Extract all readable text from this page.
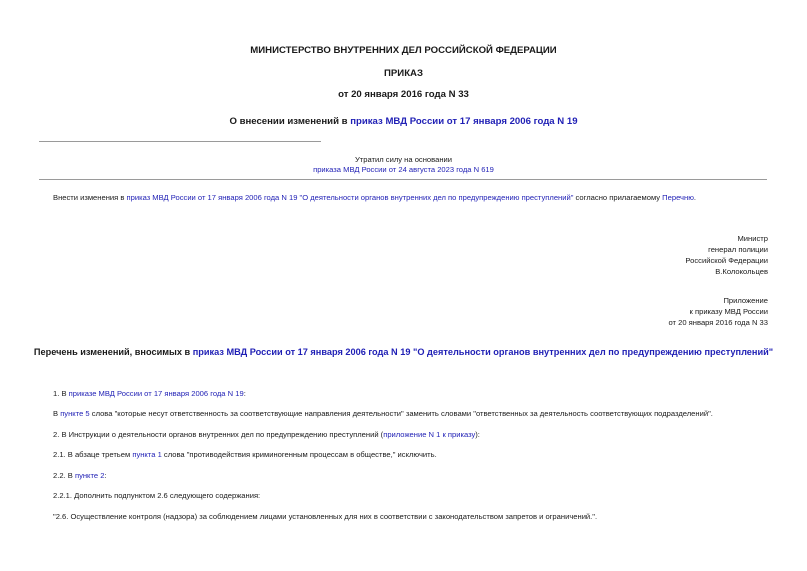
МИНИСТЕРСТВО ВНУТРЕННИХ ДЕЛ РОССИЙСКОЙ ФЕДЕРАЦИИ
ПРИКАЗ
от 20 января 2016 года N 33
О внесении изменений в приказ МВД России от 17 января 2006 года N 19
Утратил силу на основании
приказа МВД России от 24 августа 2023 года N 619
Внести изменения в приказ МВД России от 17 января 2006 года N 19 "О деятельности органов внутренних дел по предупреждению преступлений" согласно прилагаемому Перечню.
Министр
генерал полиции
Российской Федерации
В.Колокольцев
Приложение
к приказу МВД России
от 20 января 2016 года N 33
Перечень изменений, вносимых в приказ МВД России от 17 января 2006 года N 19 "О деятельности органов внутренних дел по предупреждению преступлений"
1. В приказе МВД России от 17 января 2006 года N 19:
В пункте 5 слова "которые несут ответственность за соответствующие направления деятельности" заменить словами "ответственных за деятельность соответствующих подразделений".
2. В Инструкции о деятельности органов внутренних дел по предупреждению преступлений (приложение N 1 к приказу):
2.1. В абзаце третьем пункта 1 слова "противодействия криминогенным процессам в обществе," исключить.
2.2. В пункте 2:
2.2.1. Дополнить подпунктом 2.6 следующего содержания:
"2.6. Осуществление контроля (надзора) за соблюдением лицами установленных для них в соответствии с законодательством запретов и ограничений.".
